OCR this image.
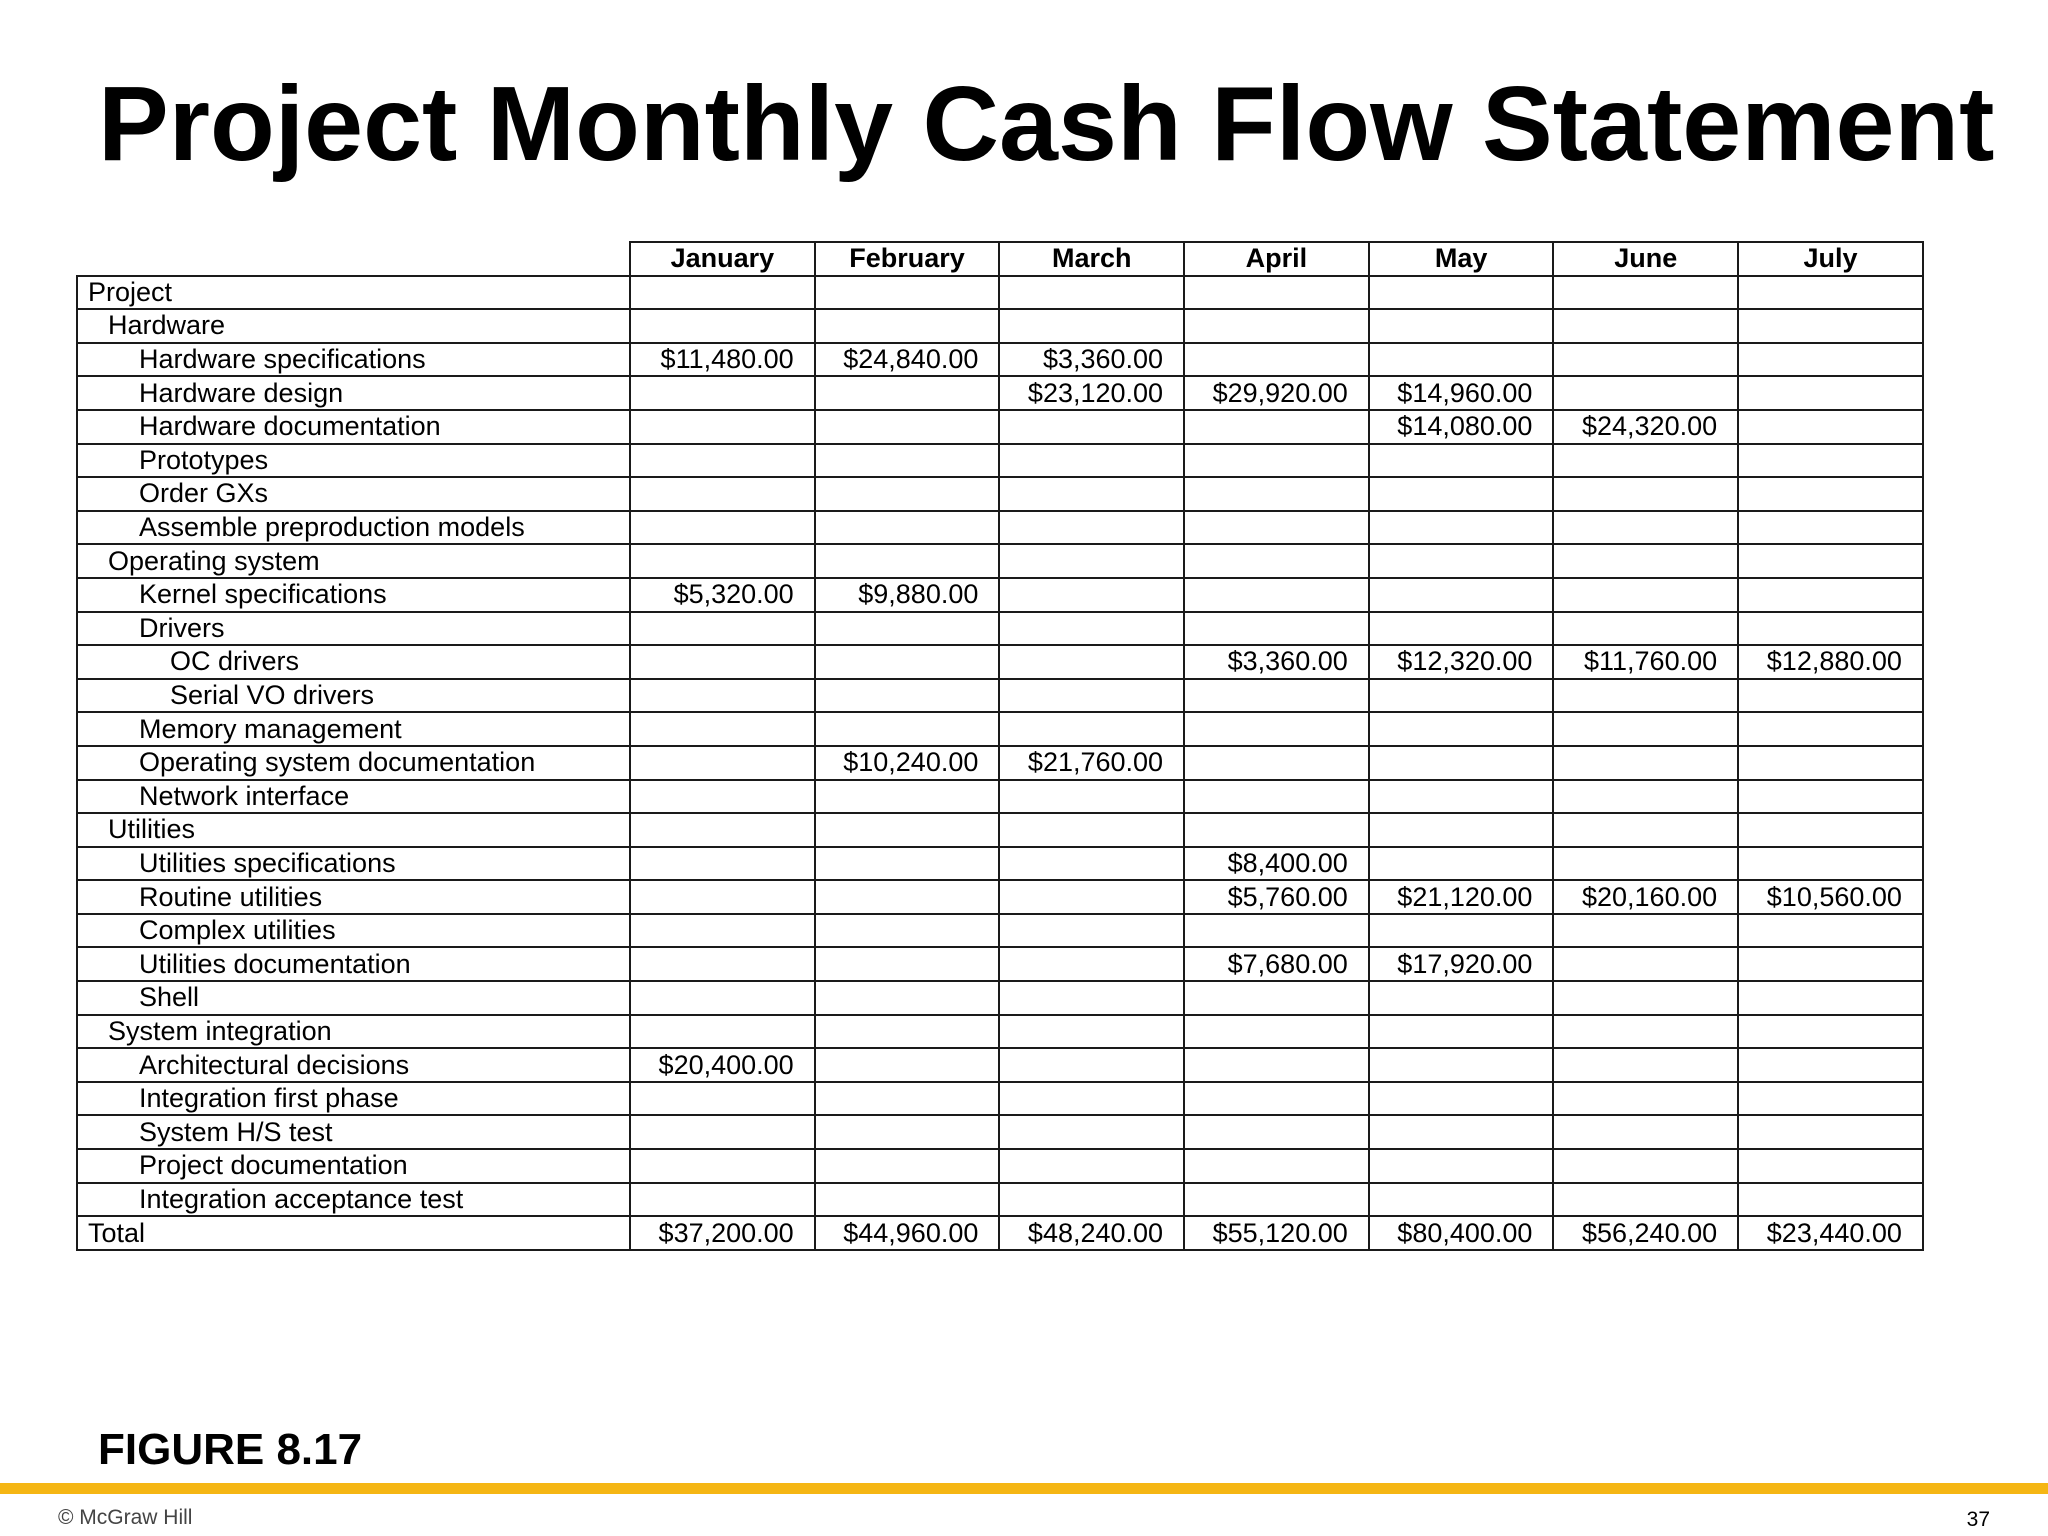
Project Monthly Cash Flow Statement
	January	February	March	April	May	June	July
Project							
Hardware							
Hardware specifications	$11,480.00	$24,840.00	$3,360.00				
Hardware design			$23,120.00	$29,920.00	$14,960.00		
Hardware documentation					$14,080.00	$24,320.00	
Prototypes							
Order GXs							
Assemble preproduction models							
Operating system							
Kernel specifications	$5,320.00	$9,880.00					
Drivers							
OC drivers				$3,360.00	$12,320.00	$11,760.00	$12,880.00
Serial VO drivers							
Memory management							
Operating system documentation		$10,240.00	$21,760.00				
Network interface							
Utilities							
Utilities specifications				$8,400.00			
Routine utilities				$5,760.00	$21,120.00	$20,160.00	$10,560.00
Complex utilities							
Utilities documentation				$7,680.00	$17,920.00		
Shell							
System integration							
Architectural decisions	$20,400.00						
Integration first phase							
System H/S test							
Project documentation							
Integration acceptance test							
Total	$37,200.00	$44,960.00	$48,240.00	$55,120.00	$80,400.00	$56,240.00	$23,440.00
FIGURE 8.17
© McGraw Hill	37
